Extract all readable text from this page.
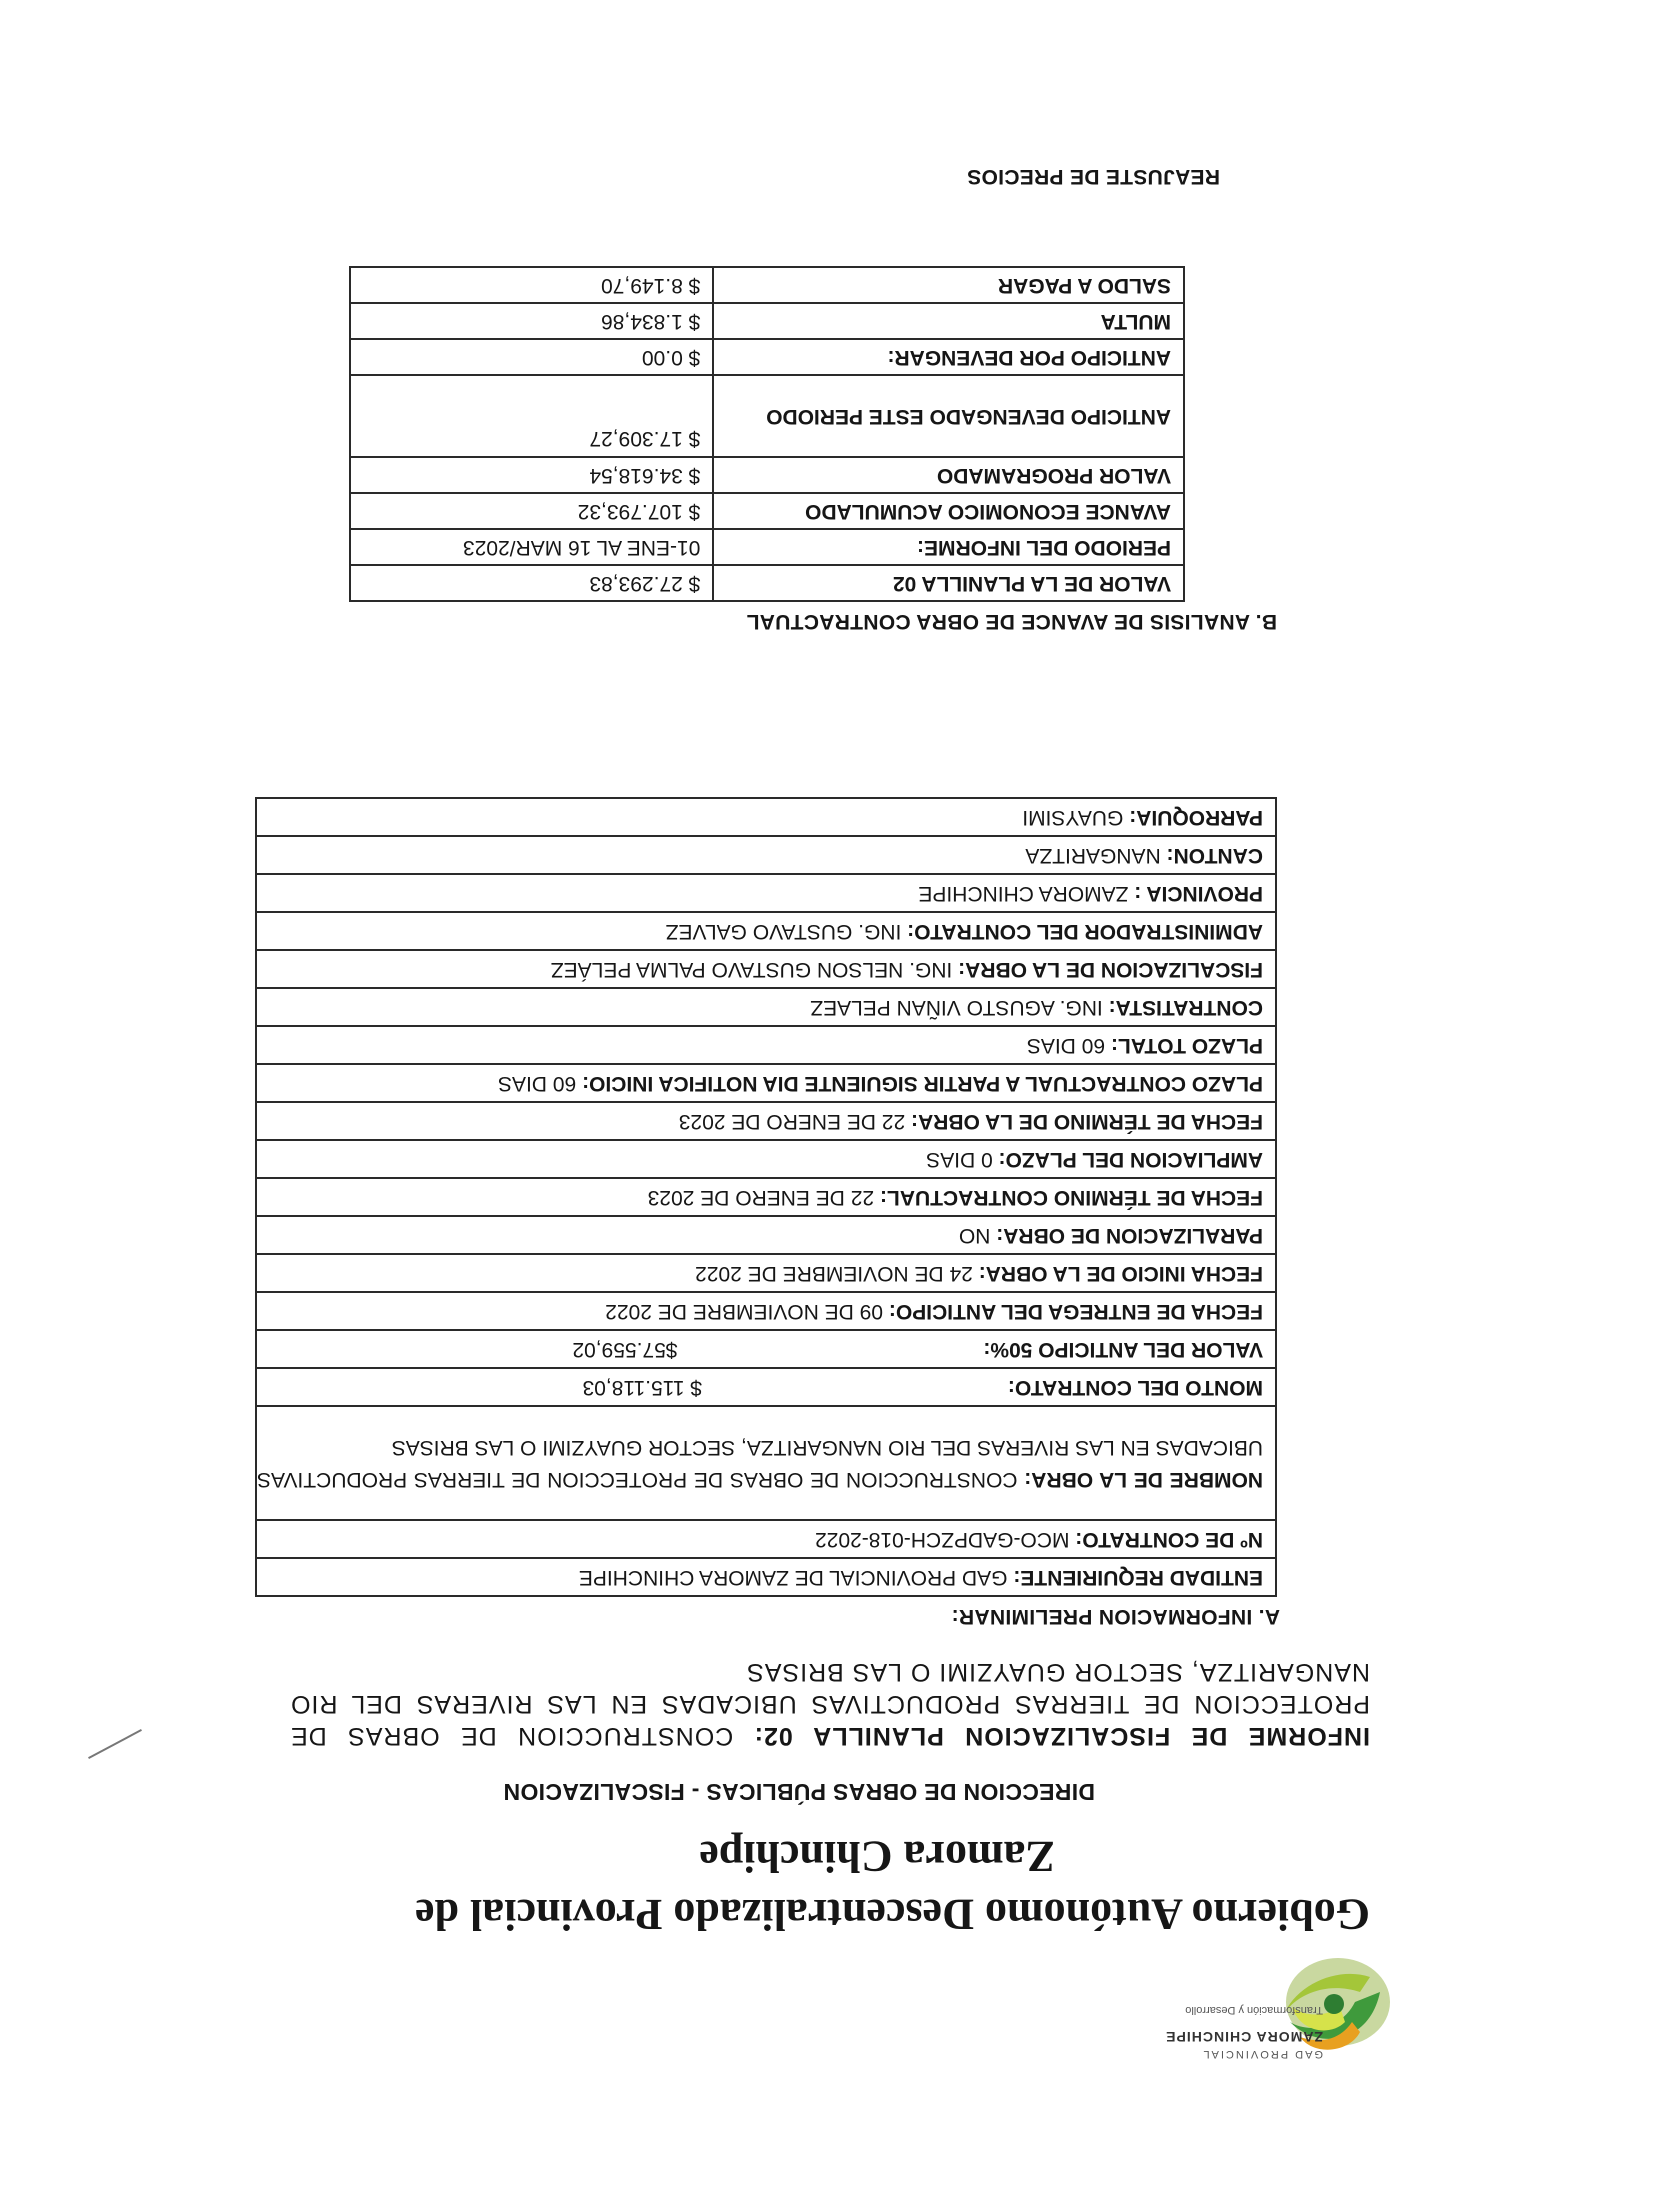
GAD PROVINCIAL
ZAMORA CHINCHIPE
Transformación y Desarrollo
Gobierno Autónomo Descentralizado Provincial de
Zamora Chinchipe
DIRECCION DE OBRAS PÚBLICAS - FISCALIZACION
INFORME DE FISCALIZACION PLANILLA 02: CONSTRUCCION DE OBRAS DE PROTECCION DE TIERRAS PRODUCTIVAS UBICADAS EN LAS RIVERAS DEL RIO NANGARITZA, SECTOR GUAYZIMI O LAS BRISAS
A. INFORMACION PRELIMINAR:
ENTIDAD REQUIRIENTE: GAD PROVINCIAL DE ZAMORA CHINCHIPE
Nº DE CONTRATO: MCO-GADPZCH-018-2022
NOMBRE DE LA OBRA: CONSTRUCCION DE OBRAS DE PROTECCION DE TIERRAS PRODUCTIVAS UBICADAS EN LAS RIVERAS DEL RIO NANGARITZA, SECTOR GUAYZIMI O LAS BRISAS
MONTO DEL CONTRATO: $ 115.118,03
VALOR DEL ANTICIPO 50%: $57.559,02
FECHA DE ENTREGA DEL ANTICIPO: 09 DE NOVIEMBRE DE 2022
FECHA INICIO DE LA OBRA: 24 DE NOVIEMBRE DE 2022
PARALIZACION DE OBRA: NO
FECHA DE TÉRMINO CONTRACTUAL: 22 DE ENERO DE 2023
AMPLIACION DEL PLAZO: 0 DIAS
FECHA DE TÉRMINO DE LA OBRA: 22 DE ENERO DE 2023
PLAZO CONTRACTUAL A PARTIR SIGUIENTE DIA NOTIFICA INICIO: 60 DIAS
PLAZO TOTAL: 60 DIAS
CONTRATISTA: ING. AGUSTO VIÑAN PELAEZ
FISCALIZACION DE LA OBRA: ING. NELSON GUSTAVO PALMA PELÁEZ
ADMINISTRADOR DEL CONTRATO: ING. GUSTAVO GALVEZ
PROVINCIA : ZAMORA CHINCHIPE
CANTON: NANGARITZA
PARROQUIA: GUAYSIMI
B. ANALISIS DE AVANCE DE OBRA CONTRACTUAL
VALOR DE LA PLANILLA 02	$ 27.293,83
PERIODO DEL INFORME:	01-ENE AL 16 MAR/2023
AVANCE ECONOMICO ACUMULADO	$ 107.793,32
VALOR PROGRAMADO	$ 34.618,54
ANTICIPO DEVENGADO ESTE PERIODO	$ 17.309,27
ANTICIPO POR DEVENGAR:	$ 0.00
MULTA	$ 1.834,86
SALDO A PAGAR	$ 8.149,70
REAJUSTE DE PRECIOS
